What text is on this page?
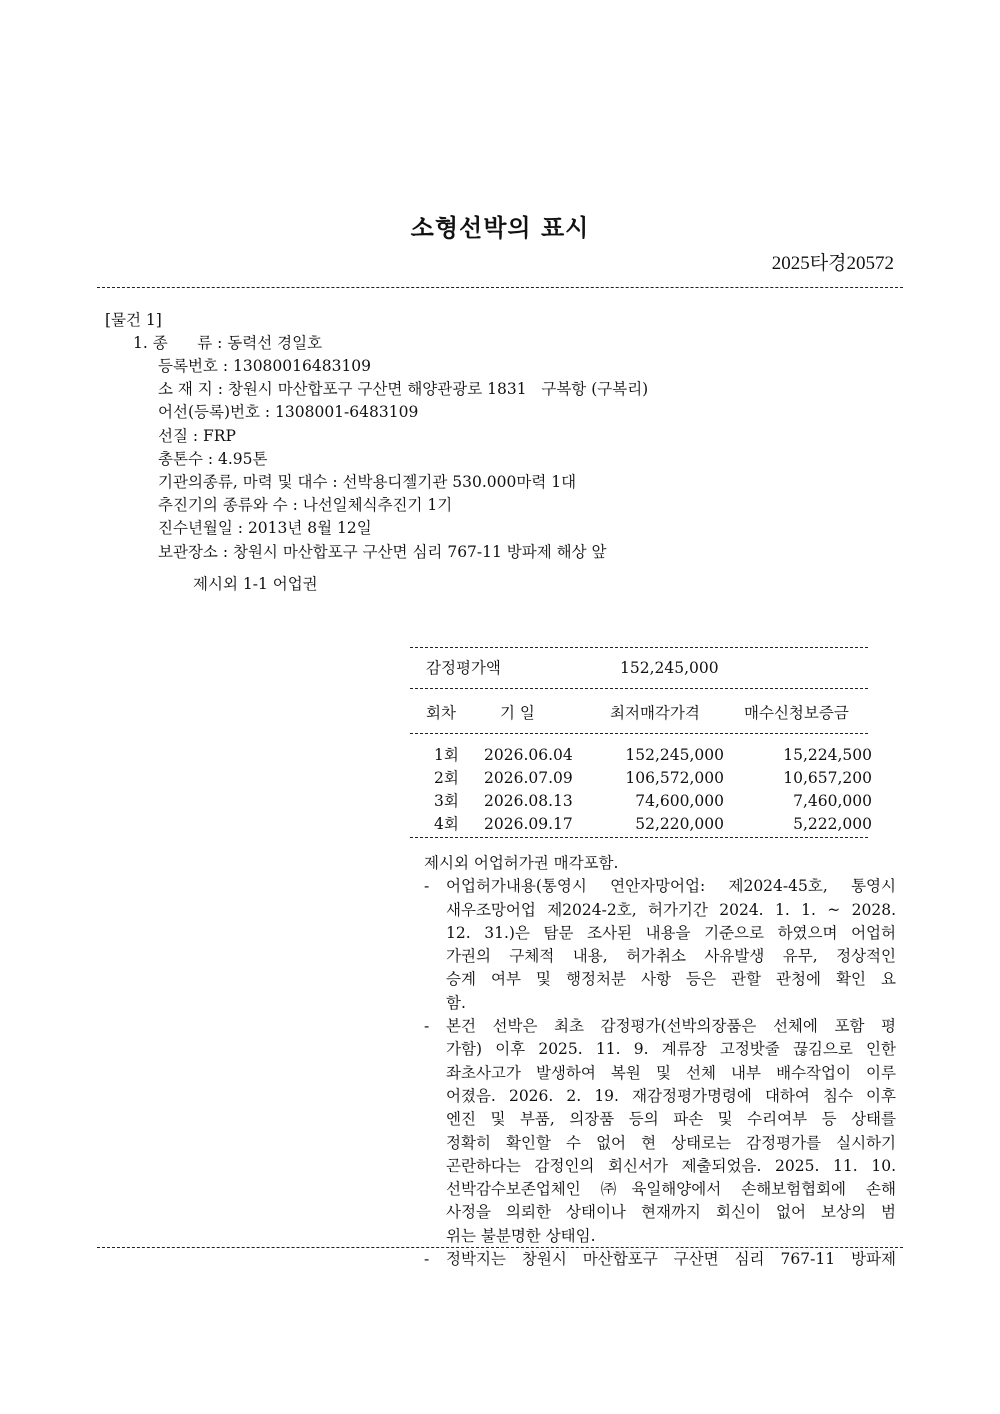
소형선박의 표시
2025타경20572
[물건 1]
1. 종      류 : 동력선 경일호
등록번호 : 13080016483109
소 재 지 : 창원시 마산합포구 구산면 해양관광로 1831   구복항 (구복리)
어선(등록)번호 : 1308001-6483109
선질 : FRP
총톤수 : 4.95톤
기관의종류, 마력 및 대수 : 선박용디젤기관 530.000마력 1대
추진기의 종류와 수 : 나선일체식추진기 1기
진수년월일 : 2013년 8월 12일
보관장소 : 창원시 마산합포구 구산면 심리 767-11 방파제 해상 앞
제시외 1-1 어업권
감정평가액	152,245,000
회차	기 일	최저매각가격	매수신청보증금
1회 2026.06.04	152,245,000	15,224,500
2회 2026.07.09	106,572,000	10,657,200
3회 2026.08.13	74,600,000	7,460,000
4회 2026.09.17	52,220,000	5,222,000
제시외 어업허가권 매각포함.
- 어업허가내용(통영시 연안자망어업: 제2024-45호, 통영시
새우조망어업 제2024-2호, 허가기간 2024. 1. 1. ~ 2028.
12. 31.)은 탐문 조사된 내용을 기준으로 하였으며 어업허
가권의 구체적 내용, 허가취소 사유발생 유무, 정상적인
승계 여부 및 행정처분 사항 등은 관할 관청에 확인 요
함.
- 본건 선박은 최초 감정평가(선박의장품은 선체에 포함 평
가함) 이후 2025. 11. 9. 계류장 고정밧줄 끊김으로 인한
좌초사고가 발생하여 복원 및 선체 내부 배수작업이 이루
어졌음. 2026. 2. 19. 재감정평가명령에 대하여 침수 이후
엔진 및 부품, 의장품 등의 파손 및 수리여부 등 상태를
정확히 확인할 수 없어 현 상태로는 감정평가를 실시하기
곤란하다는 감정인의 회신서가 제출되었음. 2025. 11. 10.
선박감수보존업체인 ㈜육일해양에서 손해보험협회에 손해
사정을 의뢰한 상태이나 현재까지 회신이 없어 보상의 범
위는 불분명한 상태임.
- 정박지는 창원시 마산합포구 구산면 심리 767-11 방파제
